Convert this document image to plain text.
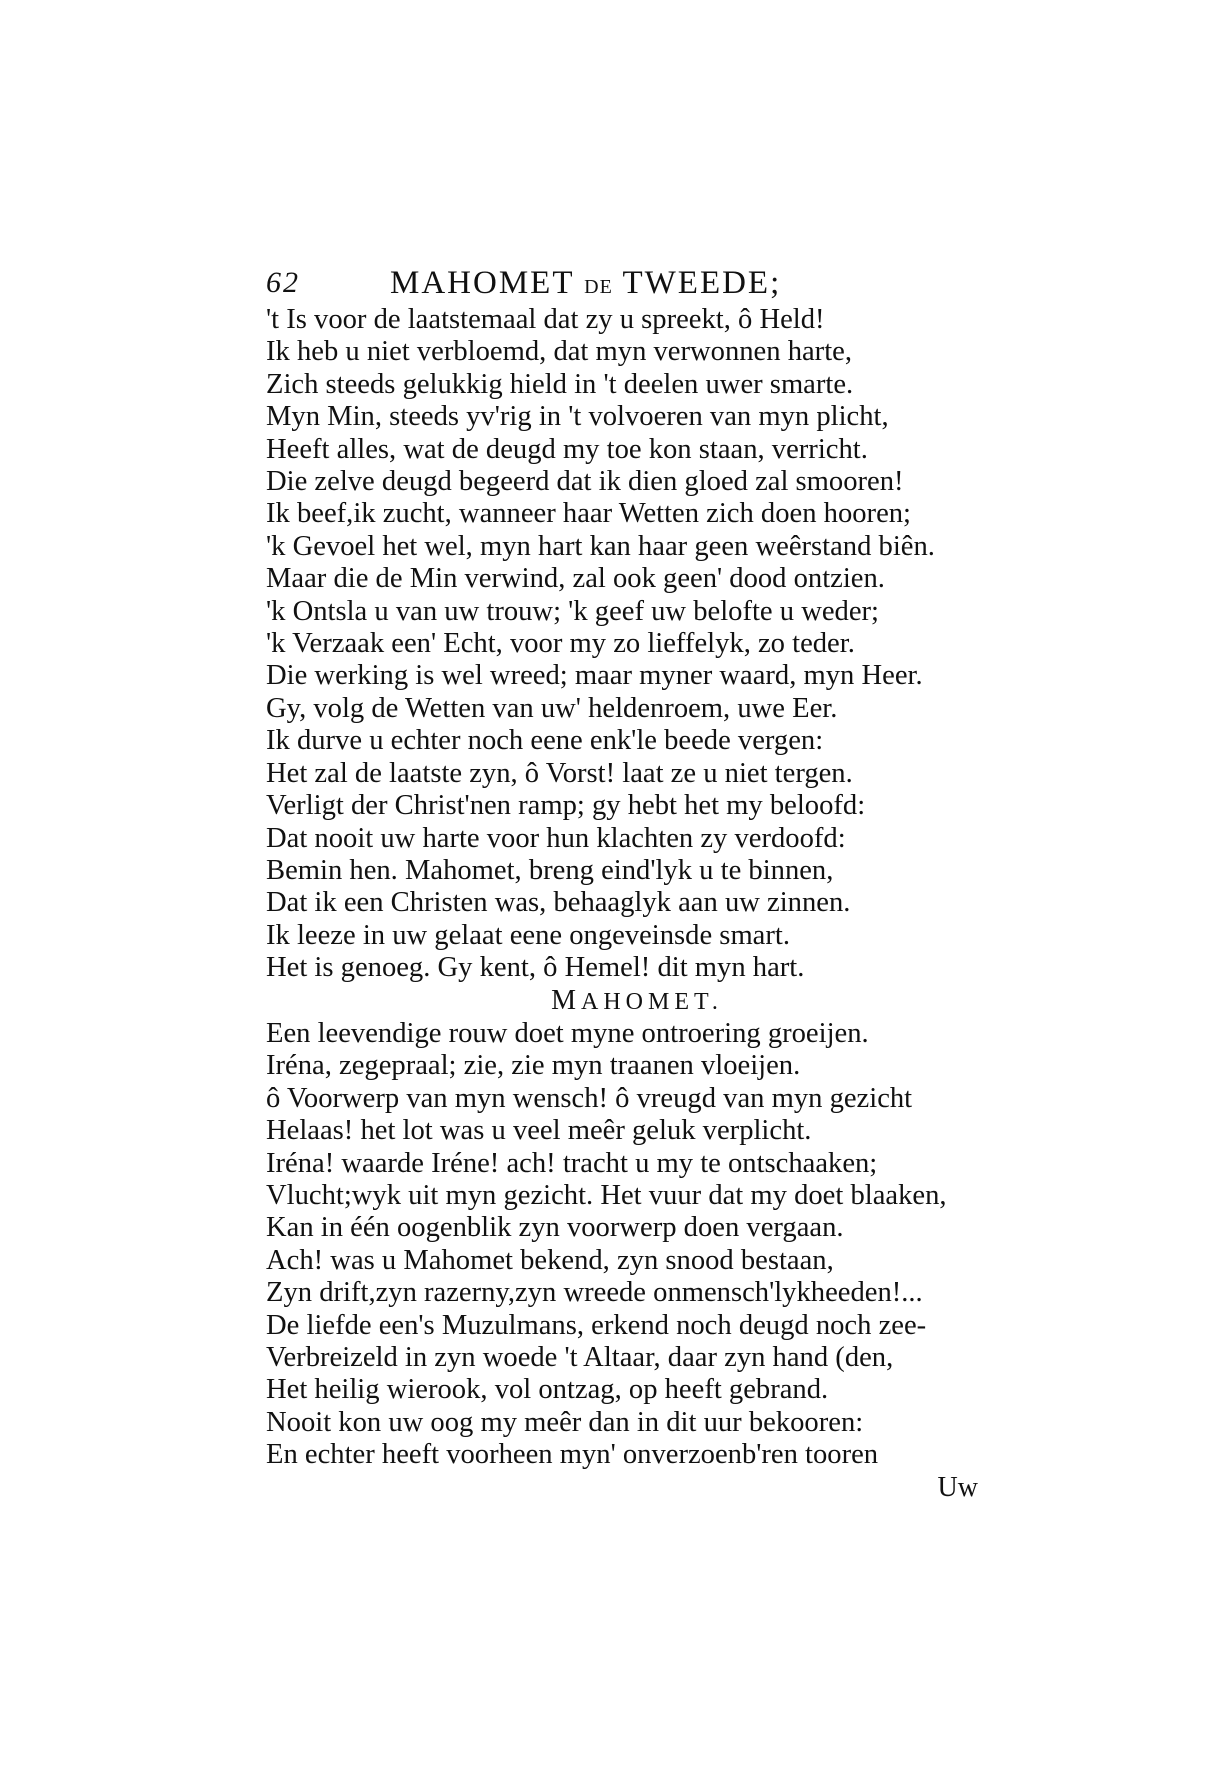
62	MAHOMET DE TWEEDE;

't Is voor de laatstemaal dat zy u spreekt, ô Held!

Ik heb u niet verbloemd, dat myn verwonnen harte,

Zich steeds gelukkig hield in 't deelen uwer smarte.

Myn Min, steeds yv'rig in 't volvoeren van myn plicht,

Heeft alles, wat de deugd my toe kon staan, verricht.

Die zelve deugd begeerd dat ik dien gloed zal smooren!

Ik beef,ik zucht, wanneer haar Wetten zich doen hooren;

'k Gevoel het wel, myn hart kan haar geen weêrstand biên.

Maar die de Min verwind, zal ook geen' dood ontzien.

'k Ontsla u van uw trouw; 'k geef uw belofte u weder;

'k Verzaak een' Echt, voor my zo lieffelyk, zo teder.

Die werking is wel wreed; maar myner waard, myn Heer.

Gy, volg de Wetten van uw' heldenroem, uwe Eer.

Ik durve u echter noch eene enk'le beede vergen:

Het zal de laatste zyn, ô Vorst! laat ze u niet tergen.

Verligt der Christ'nen ramp; gy hebt het my beloofd:

Dat nooit uw harte voor hun klachten zy verdoofd:

Bemin hen. Mahomet, breng eind'lyk u te binnen,

Dat ik een Christen was, behaaglyk aan uw zinnen.

Ik leeze in uw gelaat eene ongeveinsde smart.

Het is genoeg. Gy kent, ô Hemel! dit myn hart.

MAHOMET.

Een leevendige rouw doet myne ontroering groeijen.

Iréna, zegepraal; zie, zie myn traanen vloeijen.

ô Voorwerp van myn wensch! ô vreugd van myn gezicht

Helaas! het lot was u veel meêr geluk verplicht.

Iréna! waarde Iréne! ach! tracht u my te ontschaaken;

Vlucht;wyk uit myn gezicht. Het vuur dat my doet blaaken,

Kan in één oogenblik zyn voorwerp doen vergaan.

Ach! was u Mahomet bekend, zyn snood bestaan,

Zyn drift,zyn razerny,zyn wreede onmensch'lykheeden!...

De liefde een's Muzulmans, erkend noch deugd noch zee-

Verbreizeld in zyn woede 't Altaar, daar zyn hand (den,

Het heilig wierook, vol ontzag, op heeft gebrand.

Nooit kon uw oog my meêr dan in dit uur bekooren:

En echter heeft voorheen myn' onverzoenb'ren tooren

Uw
